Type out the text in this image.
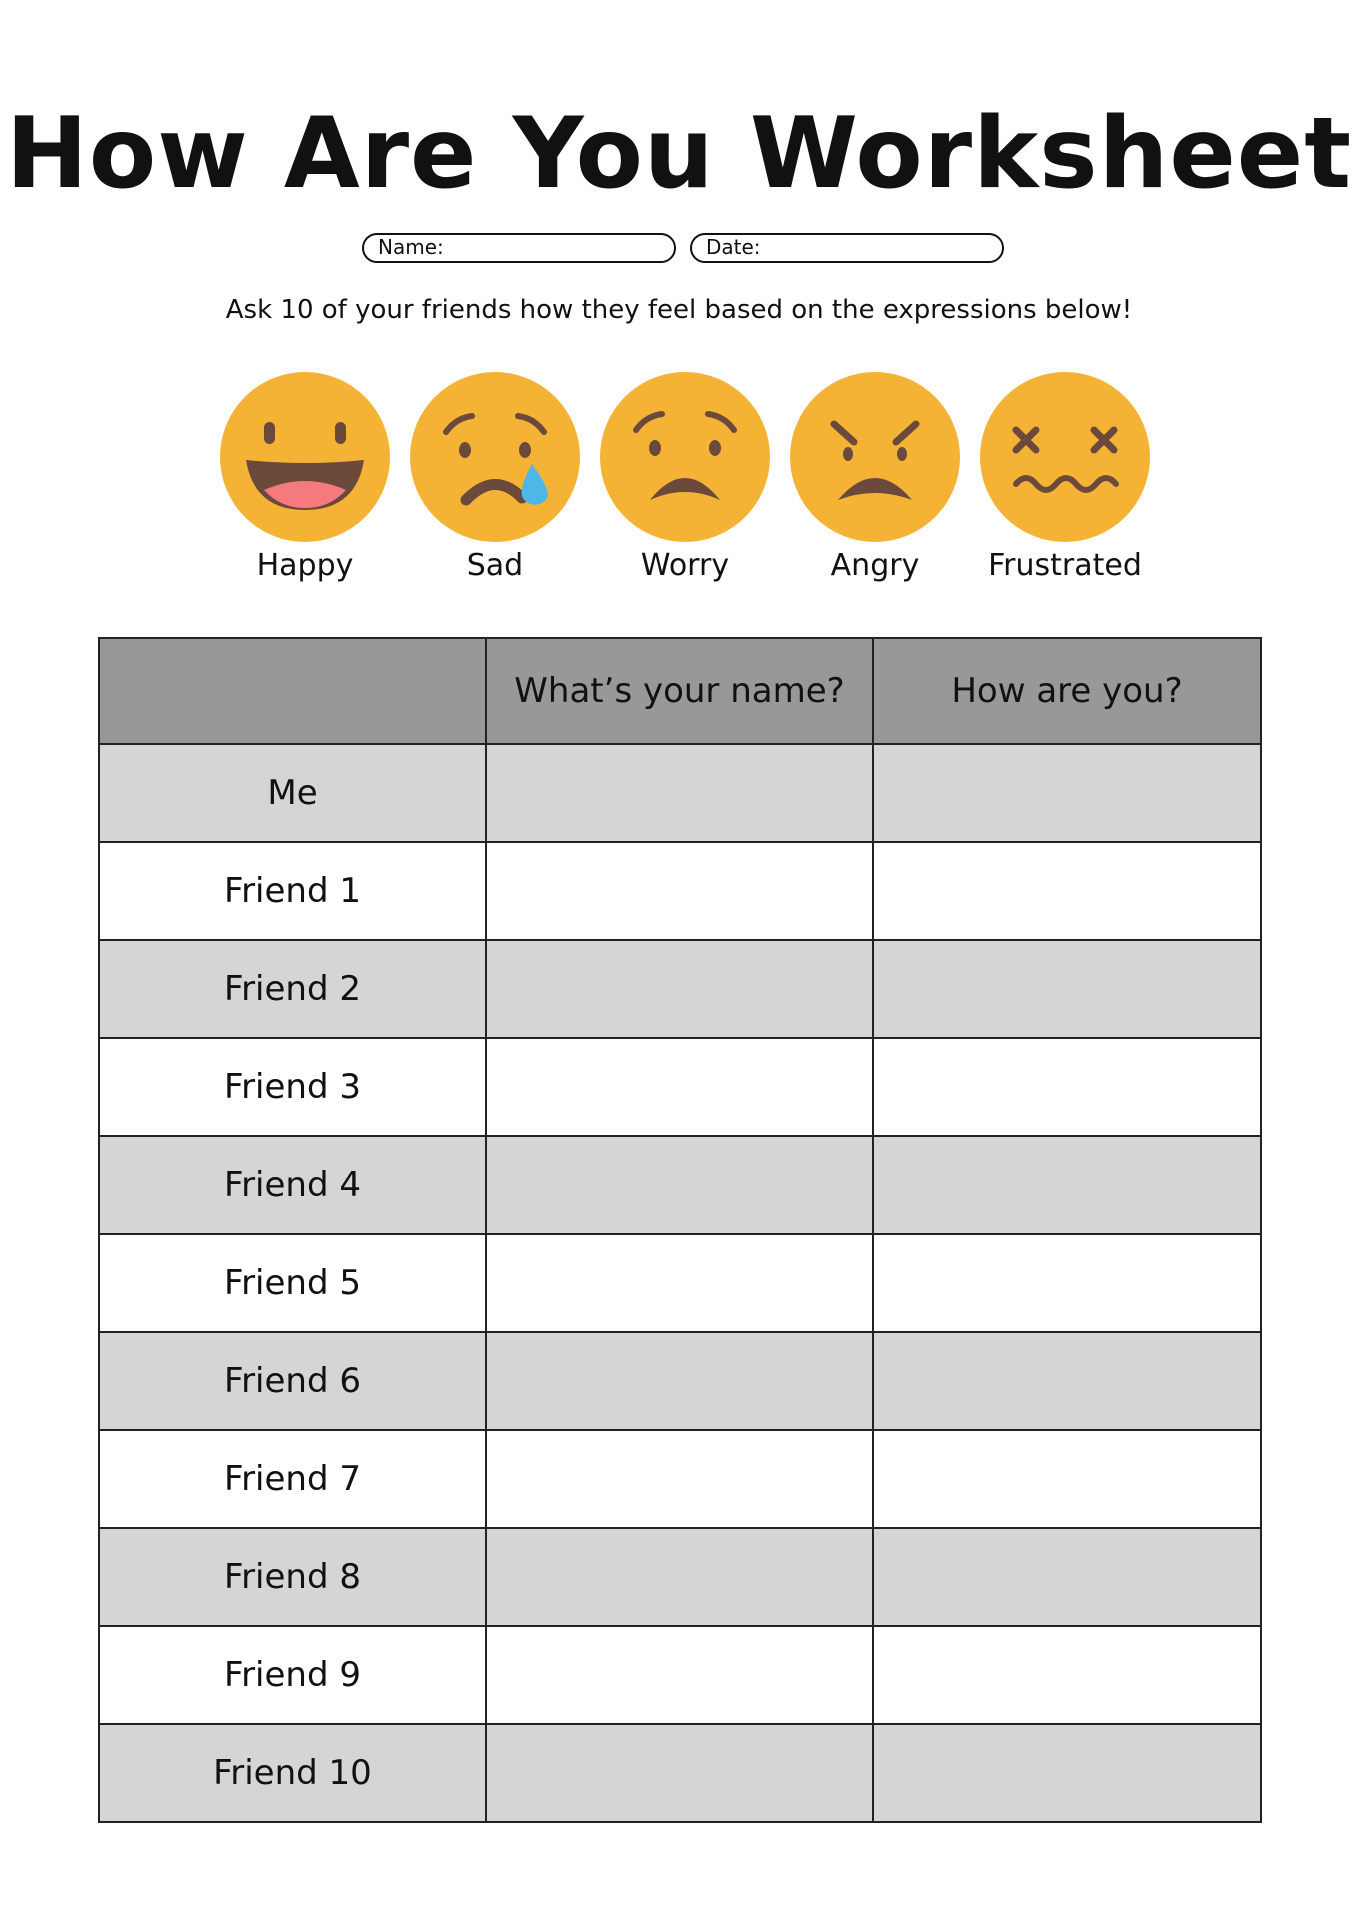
How Are You Worksheet
Name:	Date:
Ask 10 of your friends how they feel based on the expressions below!
Happy	Sad	Worry	Angry	Frustrated
	What’s your name?	How are you?
Me		
Friend 1		
Friend 2		
Friend 3		
Friend 4		
Friend 5		
Friend 6		
Friend 7		
Friend 8		
Friend 9		
Friend 10		
